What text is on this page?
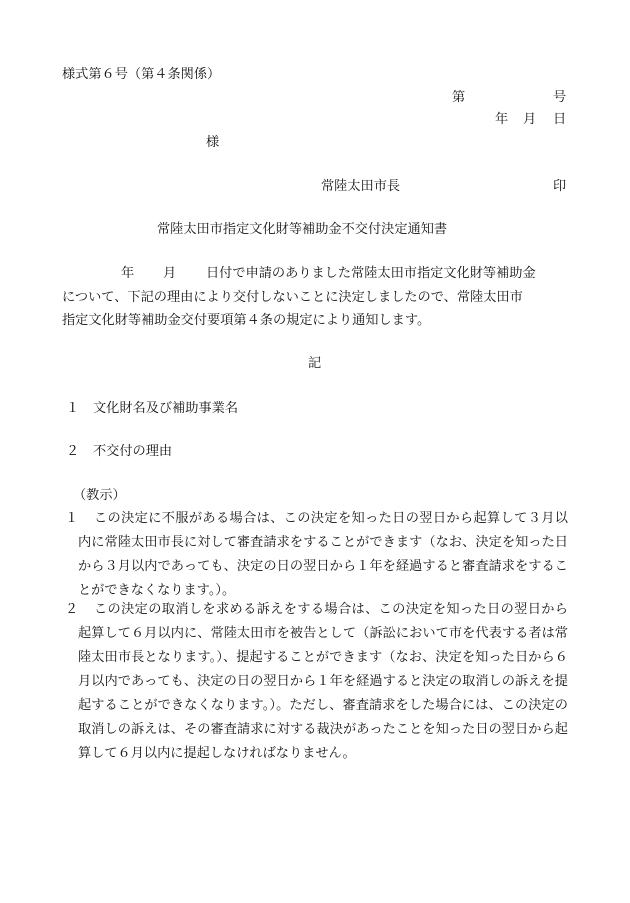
様式第６号（第４条関係）
第	号
年 月 日
様
常陸太田市長	印
常陸太田市指定文化財等補助金不交付決定通知書
年 月 日付で申請のありました常陸太田市指定文化財等補助金
について、下記の理由により交付しないことに決定しましたので、常陸太田市
指定文化財等補助金交付要項第４条の規定により通知します。
記
１ 文化財名及び補助事業名
２ 不交付の理由
（教示）
１	この決定に不服がある場合は、この決定を知った日の翌日から起算して３月以内に常陸太田市長に対して審査請求をすることができます（なお、決定を知った日から３月以内であっても、決定の日の翌日から１年を経過すると審査請求をすることができなくなります。）。
２	この決定の取消しを求める訴えをする場合は、この決定を知った日の翌日から起算して６月以内に、常陸太田市を被告として（訴訟において市を代表する者は常陸太田市長となります。）、提起することができます（なお、決定を知った日から６月以内であっても、決定の日の翌日から１年を経過すると決定の取消しの訴えを提起することができなくなります。）。ただし、審査請求をした場合には、この決定の取消しの訴えは、その審査請求に対する裁決があったことを知った日の翌日から起算して６月以内に提起しなければなりません。
